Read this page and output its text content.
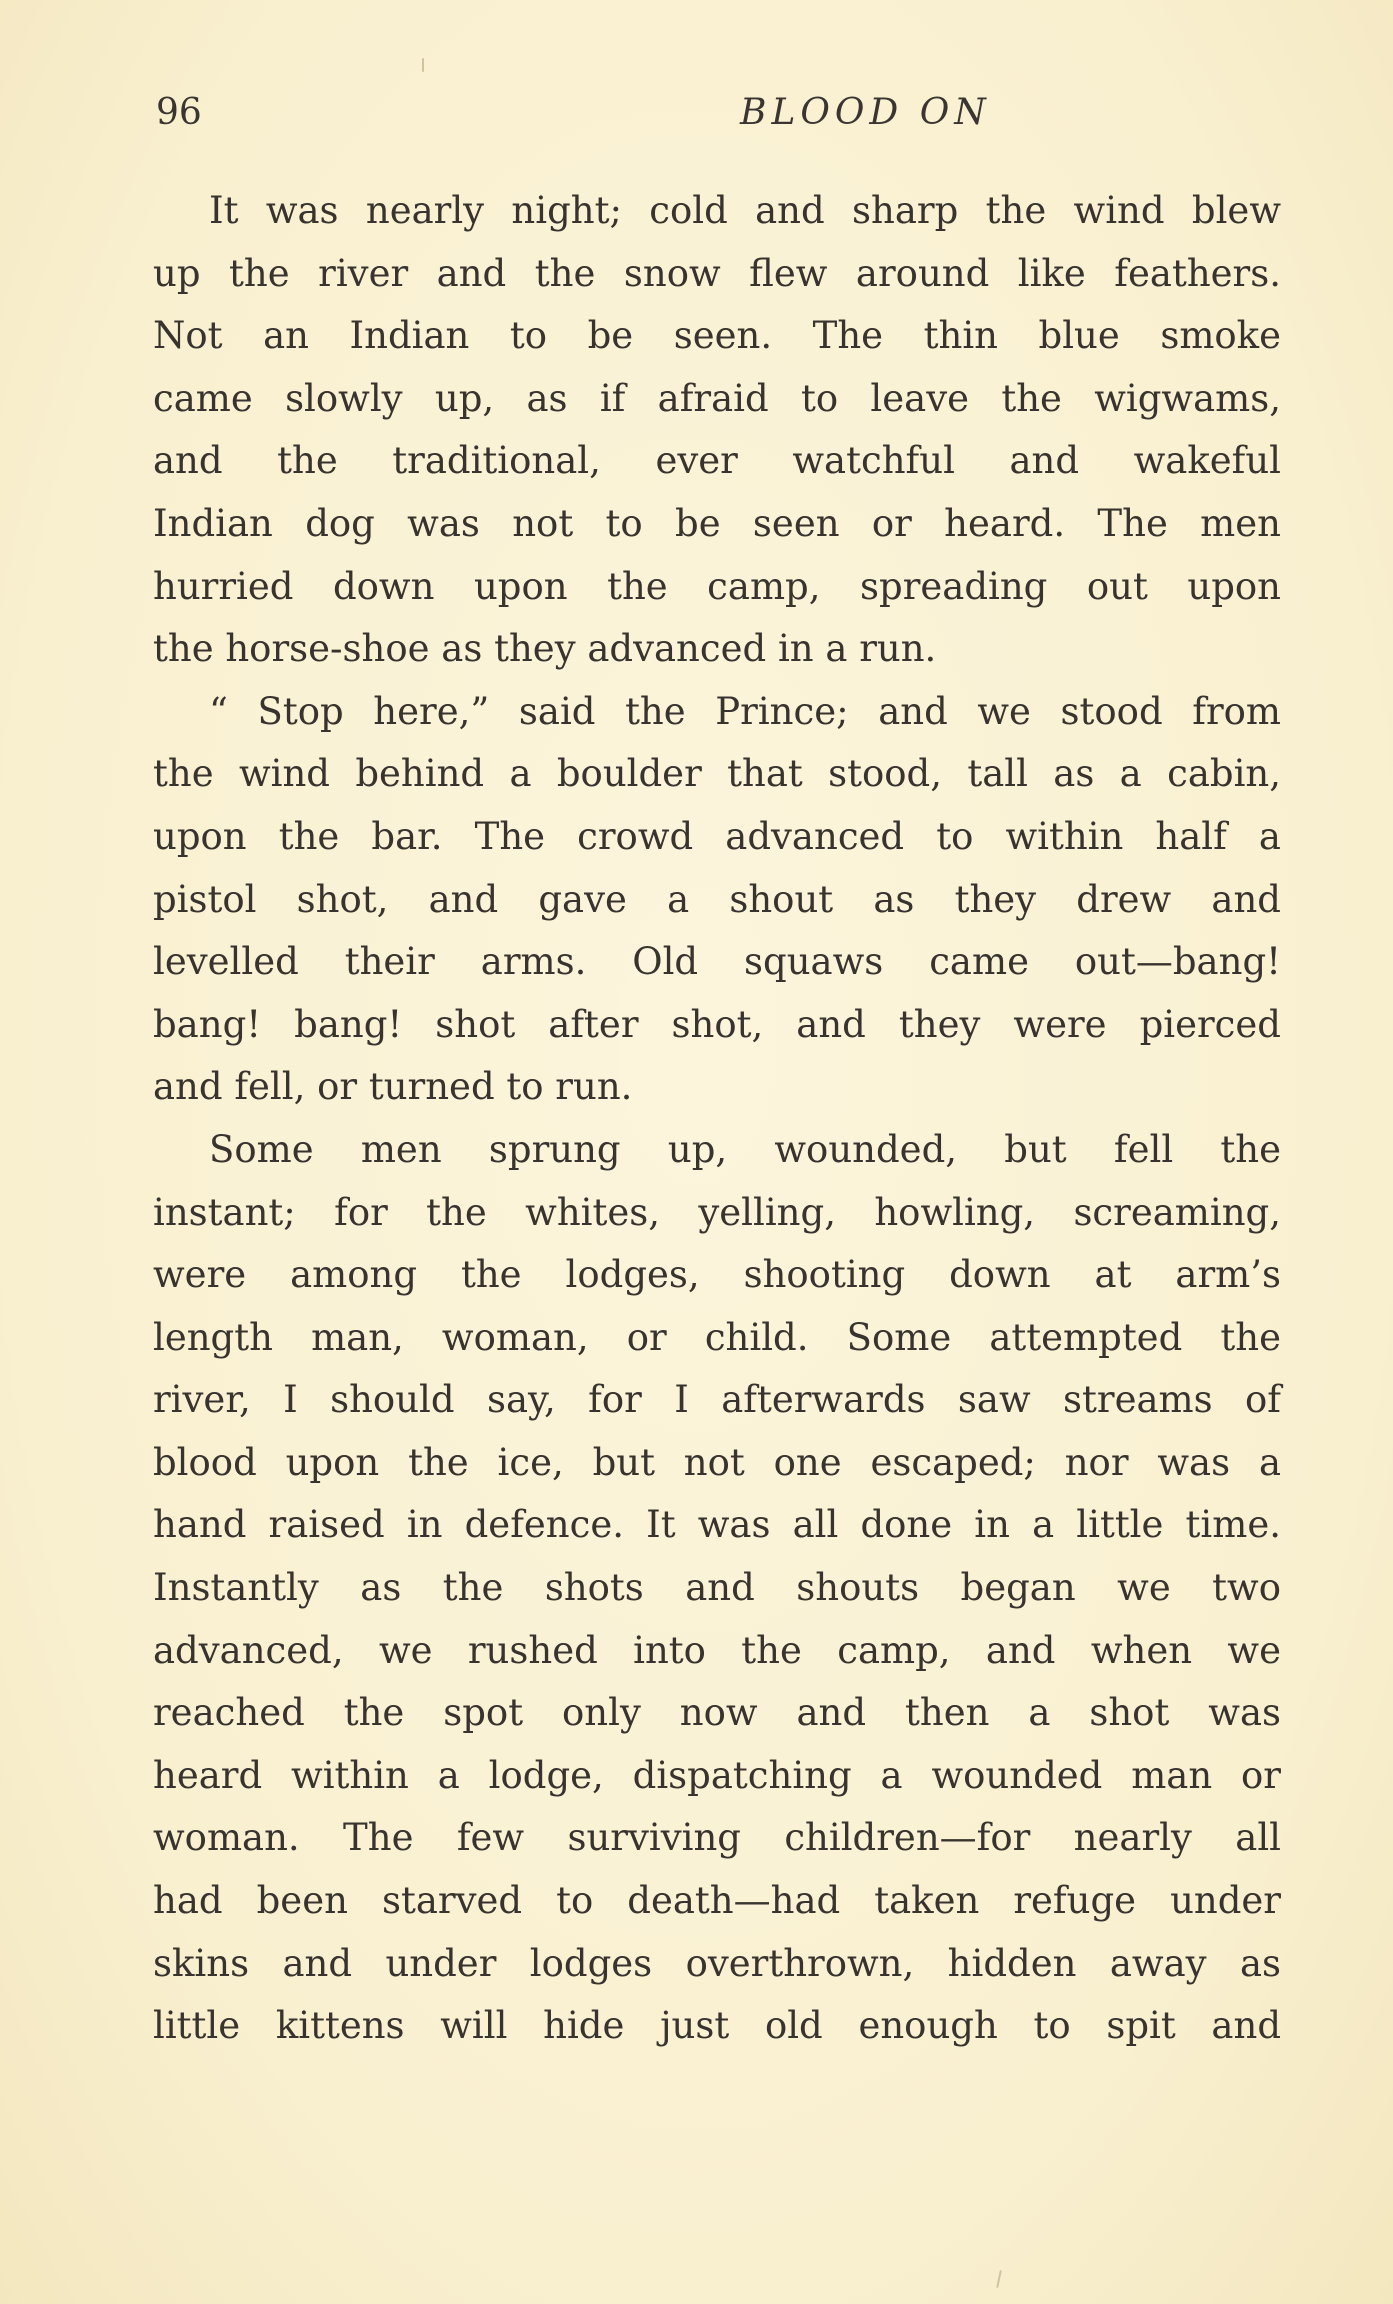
96	BLOOD ON
It was nearly night; cold and sharp the wind blew
up the river and the snow flew around like feathers.
Not an Indian to be seen. The thin blue smoke
came slowly up, as if afraid to leave the wigwams,
and the traditional, ever watchful and wakeful
Indian dog was not to be seen or heard. The men
hurried down upon the camp, spreading out upon
the horse-shoe as they advanced in a run.
“ Stop here,” said the Prince; and we stood from
the wind behind a boulder that stood, tall as a cabin,
upon the bar. The crowd advanced to within half a
pistol shot, and gave a shout as they drew and
levelled their arms. Old squaws came out—bang!
bang! bang! shot after shot, and they were pierced
and fell, or turned to run.
Some men sprung up, wounded, but fell the
instant; for the whites, yelling, howling, screaming,
were among the lodges, shooting down at arm’s
length man, woman, or child. Some attempted the
river, I should say, for I afterwards saw streams of
blood upon the ice, but not one escaped; nor was a
hand raised in defence. It was all done in a little time.
Instantly as the shots and shouts began we two
advanced, we rushed into the camp, and when we
reached the spot only now and then a shot was
heard within a lodge, dispatching a wounded man or
woman. The few surviving children—for nearly all
had been starved to death—had taken refuge under
skins and under lodges overthrown, hidden away as
little kittens will hide just old enough to spit and
